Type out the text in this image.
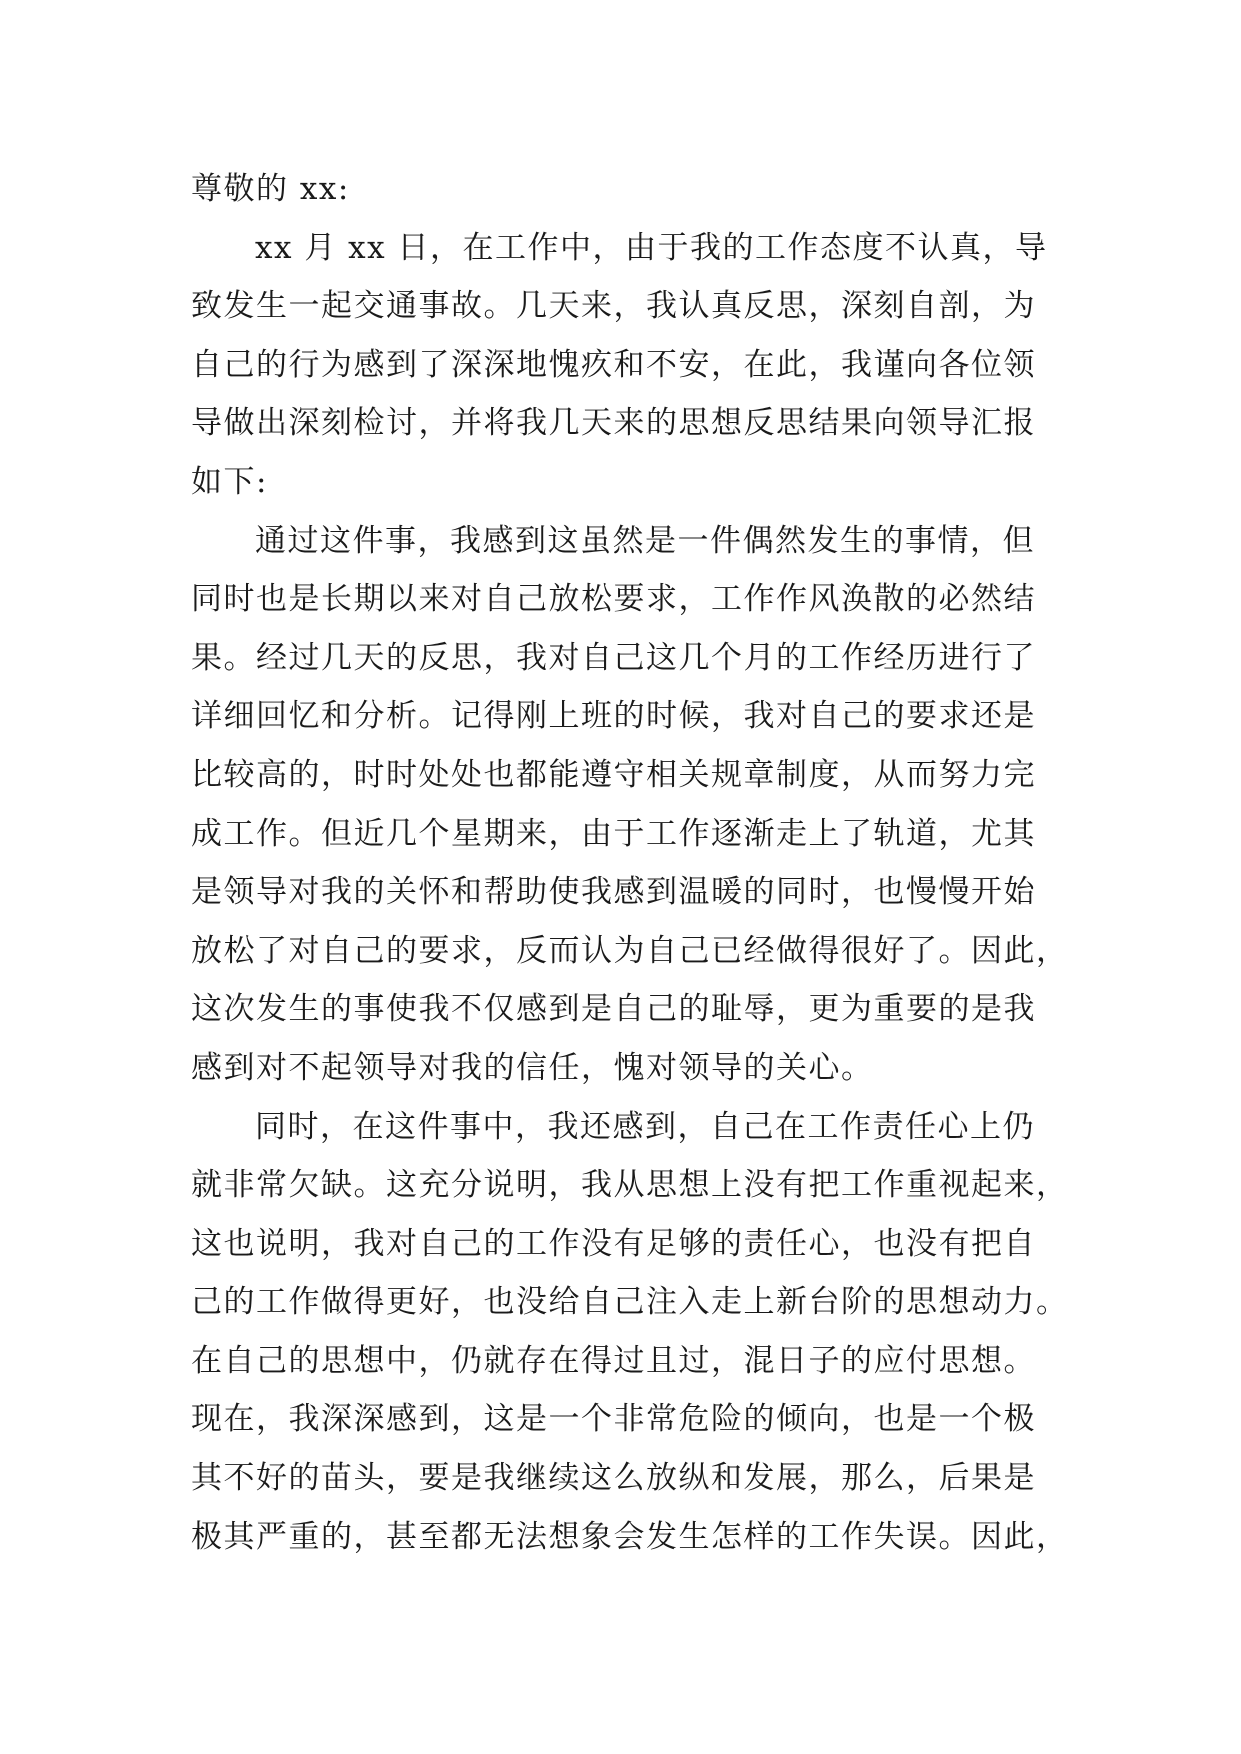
尊敬的 xx:
xx 月 xx 日，在工作中，由于我的工作态度不认真，导
致发生一起交通事故。几天来，我认真反思，深刻自剖，为
自己的行为感到了深深地愧疚和不安，在此，我谨向各位领
导做出深刻检讨，并将我几天来的思想反思结果向领导汇报
如下:
通过这件事，我感到这虽然是一件偶然发生的事情，但
同时也是长期以来对自己放松要求，工作作风涣散的必然结
果。经过几天的反思，我对自己这几个月的工作经历进行了
详细回忆和分析。记得刚上班的时候，我对自己的要求还是
比较高的，时时处处也都能遵守相关规章制度，从而努力完
成工作。但近几个星期来，由于工作逐渐走上了轨道，尤其
是领导对我的关怀和帮助使我感到温暖的同时，也慢慢开始
放松了对自己的要求，反而认为自己已经做得很好了。因此，
这次发生的事使我不仅感到是自己的耻辱，更为重要的是我
感到对不起领导对我的信任，愧对领导的关心。
同时，在这件事中，我还感到，自己在工作责任心上仍
就非常欠缺。这充分说明，我从思想上没有把工作重视起来，
这也说明，我对自己的工作没有足够的责任心，也没有把自
己的工作做得更好，也没给自己注入走上新台阶的思想动力。
在自己的思想中，仍就存在得过且过，混日子的应付思想。
现在，我深深感到，这是一个非常危险的倾向，也是一个极
其不好的苗头，要是我继续这么放纵和发展，那么，后果是
极其严重的，甚至都无法想象会发生怎样的工作失误。因此，
